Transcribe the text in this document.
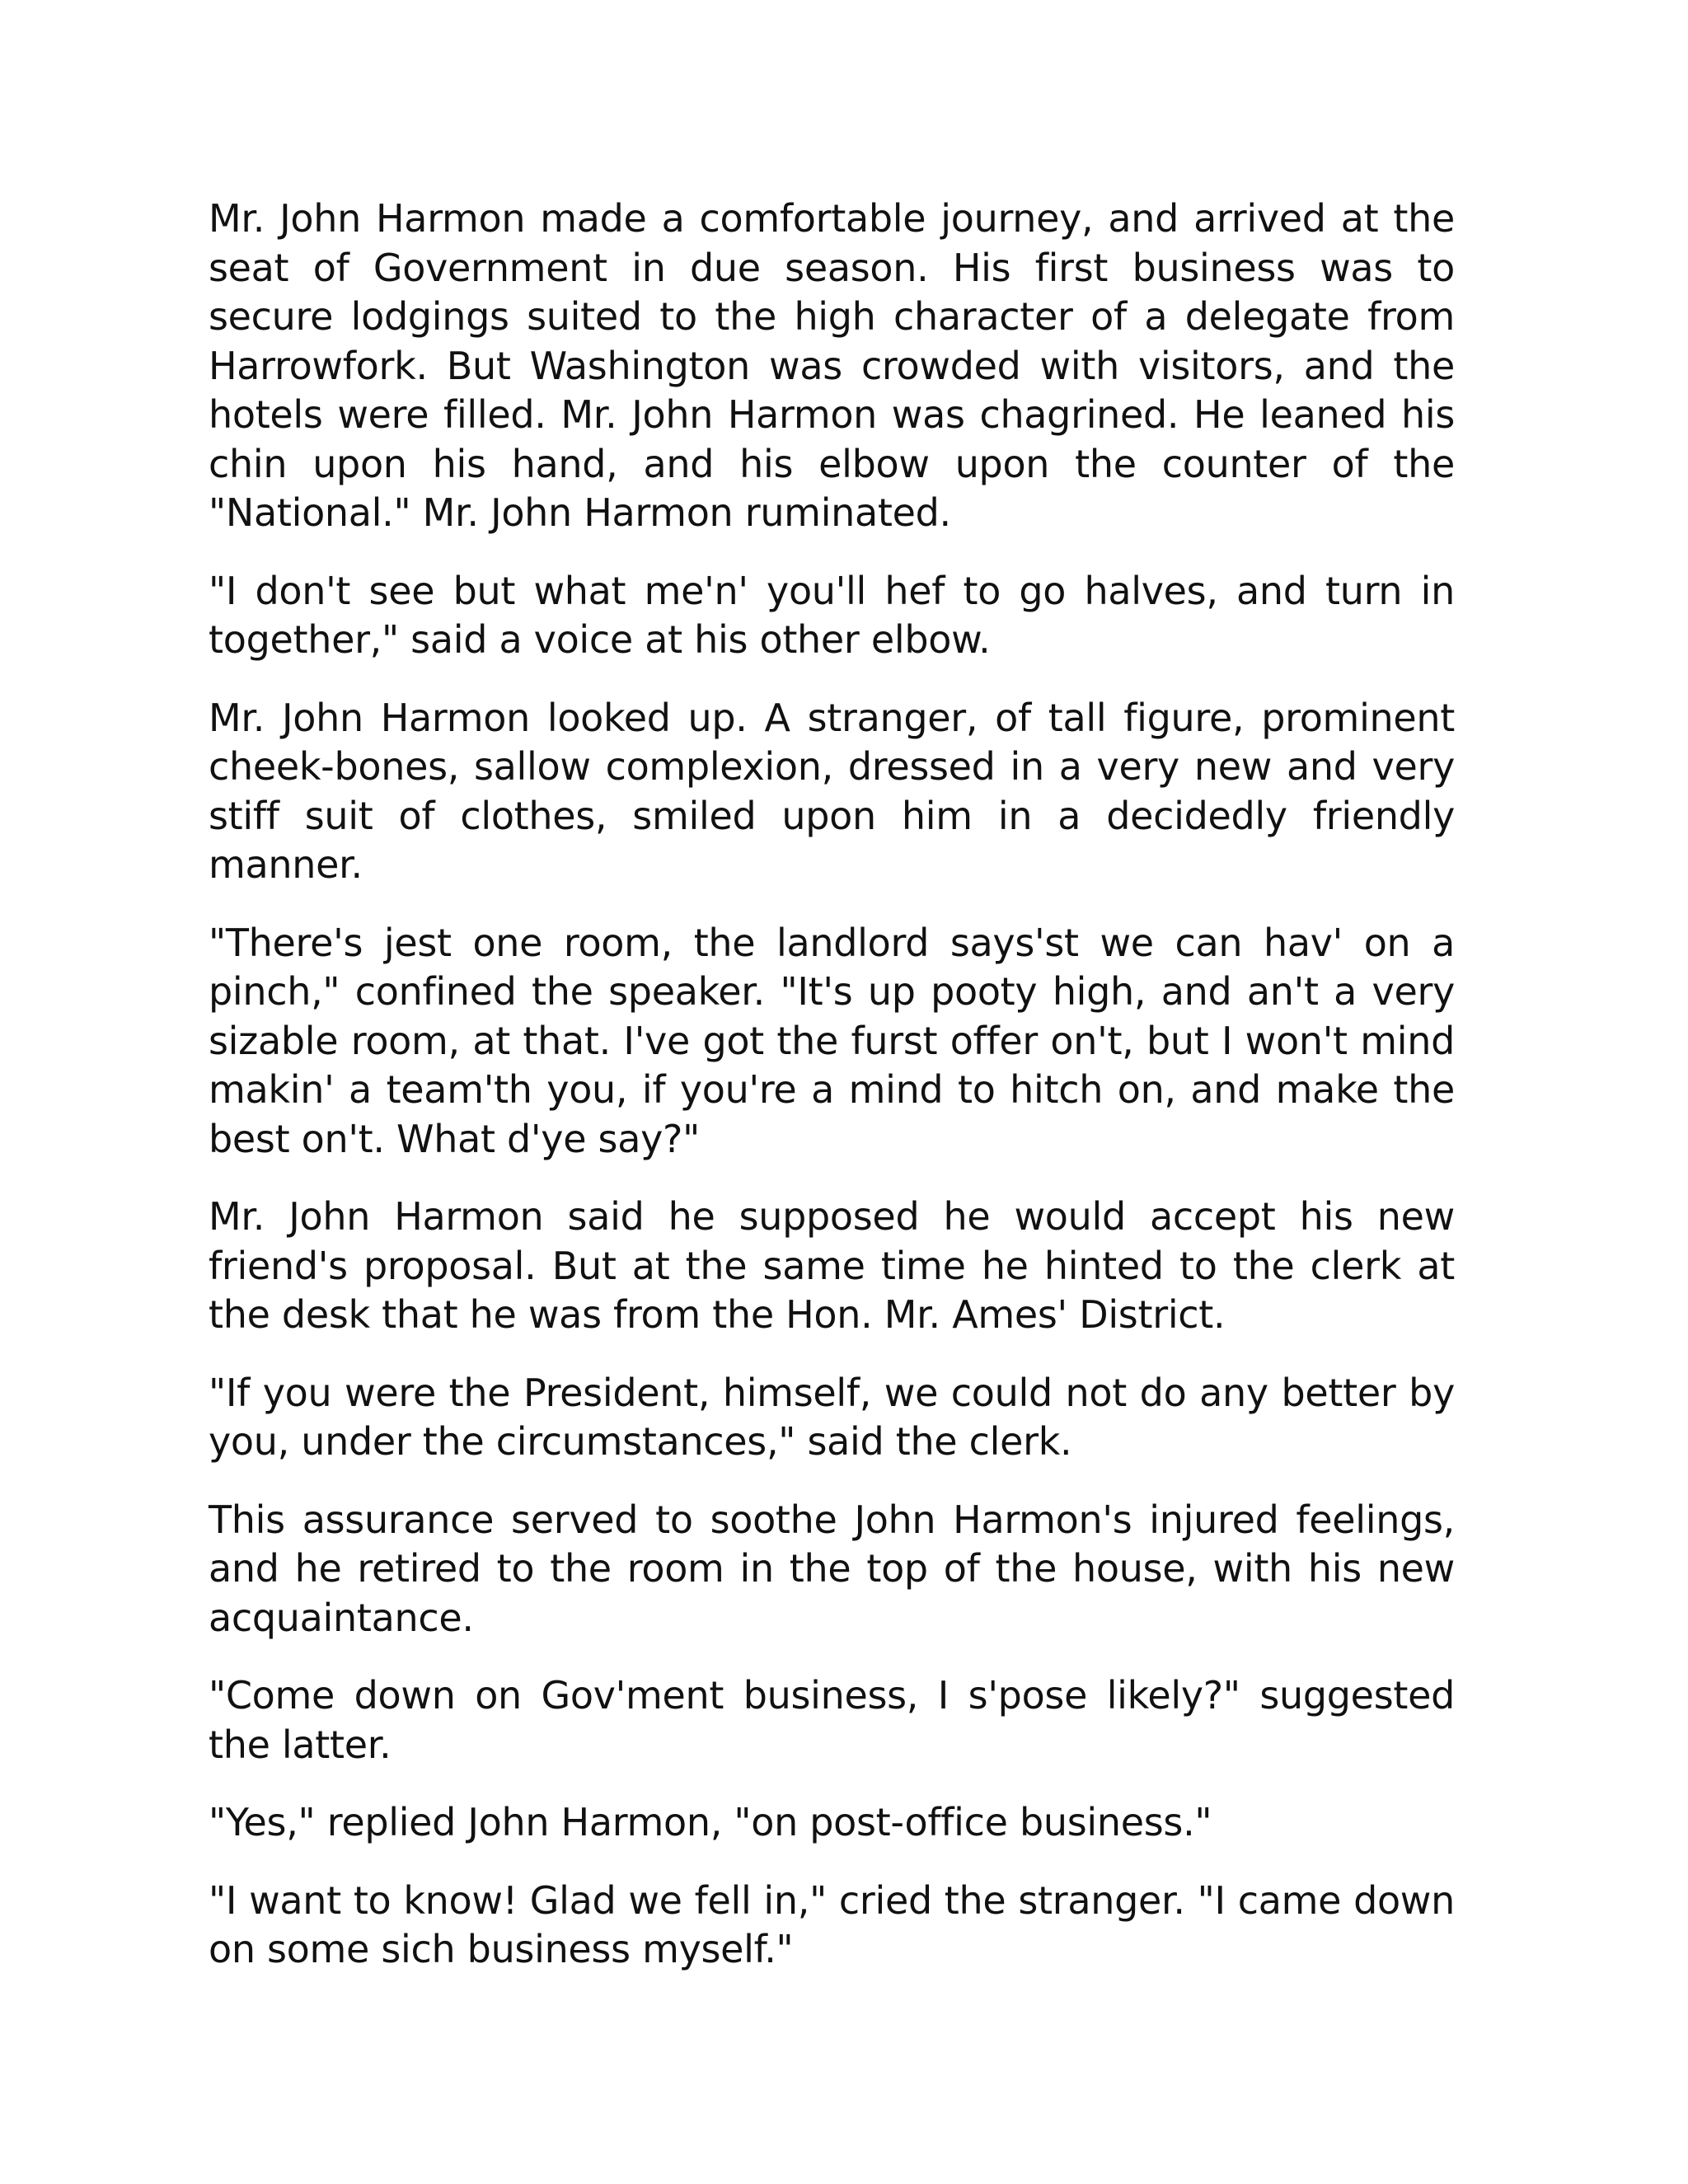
Mr. John Harmon made a comfortable journey, and arrived at the seat of Government in due season. His first business was to secure lodgings suited to the high character of a delegate from Harrowfork. But Washington was crowded with visitors, and the hotels were filled. Mr. John Harmon was chagrined. He leaned his chin upon his hand, and his elbow upon the counter of the "National." Mr. John Harmon ruminated.

"I don't see but what me'n' you'll hef to go halves, and turn in together," said a voice at his other elbow.

Mr. John Harmon looked up. A stranger, of tall figure, prominent cheek-bones, sallow complexion, dressed in a very new and very stiff suit of clothes, smiled upon him in a decidedly friendly manner.

"There's jest one room, the landlord says'st we can hav' on a pinch," confined the speaker. "It's up pooty high, and an't a very sizable room, at that. I've got the furst offer on't, but I won't mind makin' a team'th you, if you're a mind to hitch on, and make the best on't. What d'ye say?"

Mr. John Harmon said he supposed he would accept his new friend's proposal. But at the same time he hinted to the clerk at the desk that he was from the Hon. Mr. Ames' District.

"If you were the President, himself, we could not do any better by you, under the circumstances," said the clerk.

This assurance served to soothe John Harmon's injured feelings, and he retired to the room in the top of the house, with his new acquaintance.

"Come down on Gov'ment business, I s'pose likely?" suggested the latter.

"Yes," replied John Harmon, "on post-office business."

"I want to know! Glad we fell in," cried the stranger. "I came down on some sich business myself."
